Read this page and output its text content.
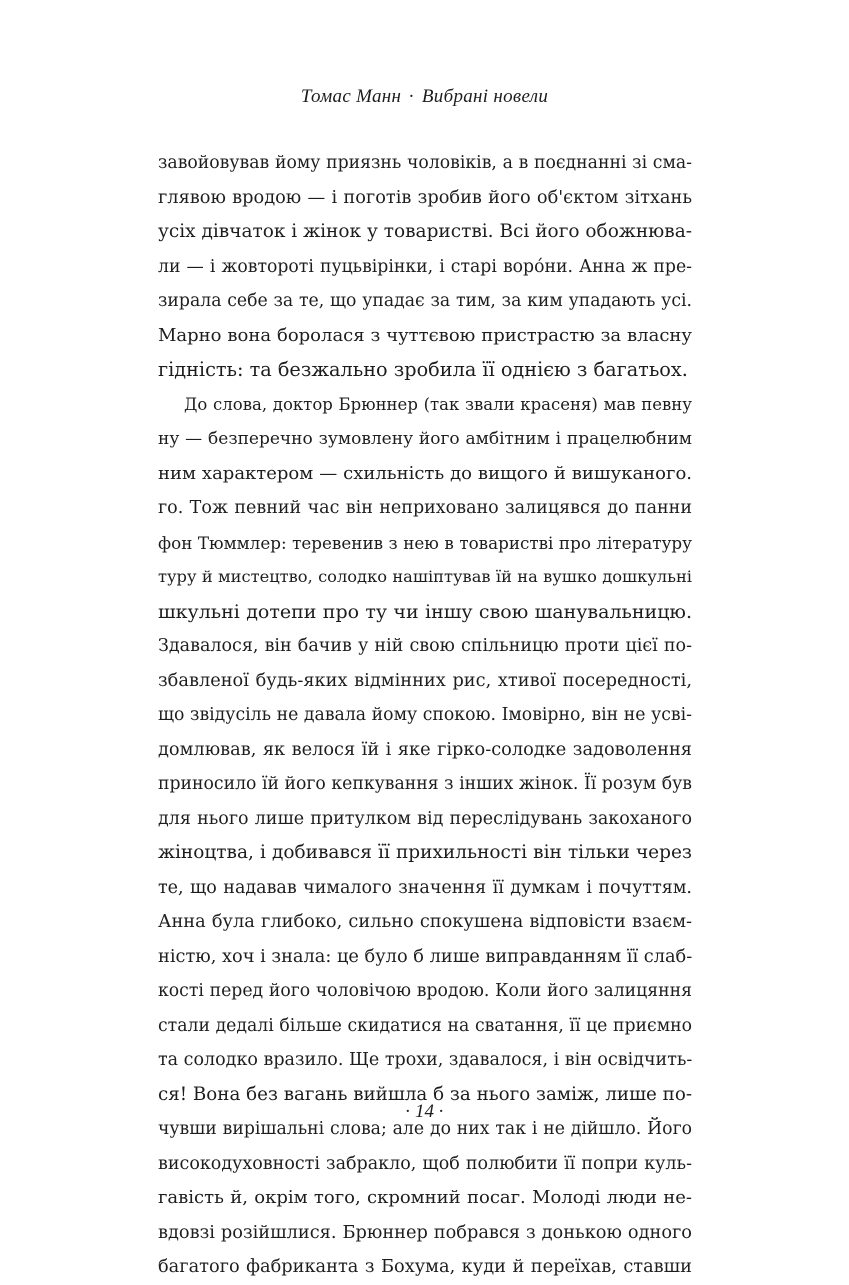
Томас Манн · Вибрані новели
завойовував йому приязнь чоловіків, а в поєднанні зі сма-
глявою вродою — і поготів зробив його об'єктом зітхань
усіх дівчаток і жінок у товаристві. Всі його обожнюва-
ли — і жовтороті пуцьвірінки, і старі воро́ни. Анна ж пре-
зирала себе за те, що упадає за тим, за ким упадають усі.
Марно вона боролася з чуттєвою пристрастю за власну
гідність: та безжально зробила її однією з багатьох.
До слова, доктор Брюннер (так звали красеня) мав певну
ну — безперечно зумовлену його амбітним і працелюбним
ним характером — схильність до вищого й вишуканого.
го. Тож певний час він неприховано залицявся до панни
фон Тюммлер: теревенив з нею в товаристві про літературу
туру й мистецтво, солодко нашіптував їй на вушко дошкульні
шкульні дотепи про ту чи іншу свою шанувальницю.
Здавалося, він бачив у ній свою спільницю проти цієї по-
збавленої будь-яких відмінних рис, хтивої посередності,
що звідусіль не давала йому спокою. Імовірно, він не усві-
домлював, як велося їй і яке гірко-солодке задоволення
приносило їй його кепкування з інших жінок. Її розум був
для нього лише притулком від переслідувань закоханого
жіноцтва, і добивався її прихильності він тільки через
те, що надавав чималого значення її думкам і почуттям.
Анна була глибоко, сильно спокушена відповісти взаєм-
ністю, хоч і знала: це було б лише виправданням її слаб-
кості перед його чоловічою вродою. Коли його залицяння
стали дедалі більше скидатися на сватання, її це приємно
та солодко вразило. Ще трохи, здавалося, і він освідчить-
ся! Вона без вагань вийшла б за нього заміж, лише по-
чувши вирішальні слова; але до них так і не дійшло. Його
високодуховності забракло, щоб полюбити її попри куль-
гавість й, окрім того, скромний посаг. Молоді люди не-
вдовзі розійшлися. Брюннер побрався з донькою одного
багатого фабриканта з Бохума, куди й переїхав, ставши
· 14 ·
